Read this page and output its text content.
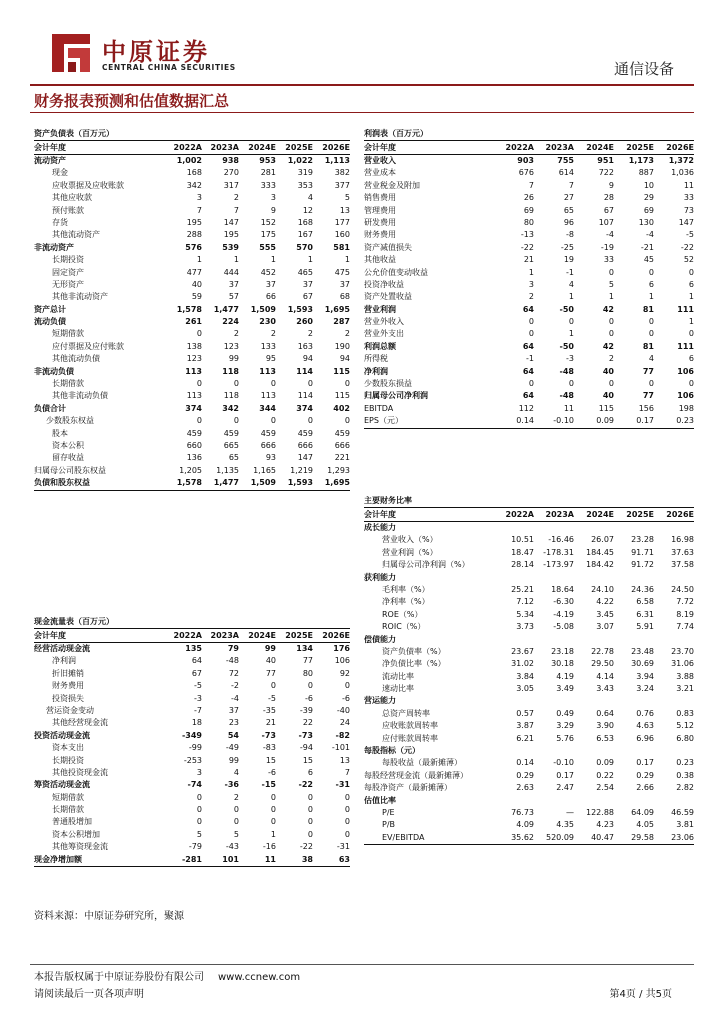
中原证券
CENTRAL CHINA SECURITIES	通信设备
财务报表预测和估值数据汇总
资产负债表（百万元）
会计年度	2022A	2023A	2024E	2025E	2026E
流动资产	1,002	938	953	1,022	1,113
现金	168	270	281	319	382
应收票据及应收账款	342	317	333	353	377
其他应收款	3	2	3	4	5
预付账款	7	7	9	12	13
存货	195	147	152	168	177
其他流动资产	288	195	175	167	160
非流动资产	576	539	555	570	581
长期投资	1	1	1	1	1
固定资产	477	444	452	465	475
无形资产	40	37	37	37	37
其他非流动资产	59	57	66	67	68
资产总计	1,578	1,477	1,509	1,593	1,695
流动负债	261	224	230	260	287
短期借款	0	2	2	2	2
应付票据及应付账款	138	123	133	163	190
其他流动负债	123	99	95	94	94
非流动负债	113	118	113	114	115
长期借款	0	0	0	0	0
其他非流动负债	113	118	113	114	115
负债合计	374	342	344	374	402
少数股东权益	0	0	0	0	0
股本	459	459	459	459	459
资本公积	660	665	666	666	666
留存收益	136	65	93	147	221
归属母公司股东权益	1,205	1,135	1,165	1,219	1,293
负债和股东权益	1,578	1,477	1,509	1,593	1,695
现金流量表（百万元）
会计年度	2022A	2023A	2024E	2025E	2026E
经营活动现金流	135	79	99	134	176
净利润	64	-48	40	77	106
折旧摊销	67	72	77	80	92
财务费用	-5	-2	0	0	0
投资损失	-3	-4	-5	-6	-6
营运资金变动	-7	37	-35	-39	-40
其他经营现金流	18	23	21	22	24
投资活动现金流	-349	54	-73	-73	-82
资本支出	-99	-49	-83	-94	-101
长期投资	-253	99	15	15	13
其他投资现金流	3	4	-6	6	7
筹资活动现金流	-74	-36	-15	-22	-31
短期借款	0	2	0	0	0
长期借款	0	0	0	0	0
普通股增加	0	0	0	0	0
资本公积增加	5	5	1	0	0
其他筹资现金流	-79	-43	-16	-22	-31
现金净增加额	-281	101	11	38	63
利润表（百万元）
会计年度	2022A	2023A	2024E	2025E	2026E
营业收入	903	755	951	1,173	1,372
营业成本	676	614	722	887	1,036
营业税金及附加	7	7	9	10	11
销售费用	26	27	28	29	33
管理费用	69	65	67	69	73
研发费用	80	96	107	130	147
财务费用	-13	-8	-4	-4	-5
资产减值损失	-22	-25	-19	-21	-22
其他收益	21	19	33	45	52
公允价值变动收益	1	-1	0	0	0
投资净收益	3	4	5	6	6
资产处置收益	2	1	1	1	1
营业利润	64	-50	42	81	111
营业外收入	0	0	0	0	1
营业外支出	0	1	0	0	0
利润总额	64	-50	42	81	111
所得税	-1	-3	2	4	6
净利润	64	-48	40	77	106
少数股东损益	0	0	0	0	0
归属母公司净利润	64	-48	40	77	106
EBITDA	112	11	115	156	198
EPS（元）	0.14	-0.10	0.09	0.17	0.23
主要财务比率
会计年度	2022A	2023A	2024E	2025E	2026E
成长能力
营业收入（%）	10.51	-16.46	26.07	23.28	16.98
营业利润（%）	18.47	-178.31	184.45	91.71	37.63
归属母公司净利润（%）	28.14	-173.97	184.42	91.72	37.58
获利能力
毛利率（%）	25.21	18.64	24.10	24.36	24.50
净利率（%）	7.12	-6.30	4.22	6.58	7.72
ROE（%）	5.34	-4.19	3.45	6.31	8.19
ROIC（%）	3.73	-5.08	3.07	5.91	7.74
偿债能力
资产负债率（%）	23.67	23.18	22.78	23.48	23.70
净负债比率（%）	31.02	30.18	29.50	30.69	31.06
流动比率	3.84	4.19	4.14	3.94	3.88
速动比率	3.05	3.49	3.43	3.24	3.21
营运能力
总资产周转率	0.57	0.49	0.64	0.76	0.83
应收账款周转率	3.87	3.29	3.90	4.63	5.12
应付账款周转率	6.21	5.76	6.53	6.96	6.80
每股指标（元）
每股收益（最新摊薄）	0.14	-0.10	0.09	0.17	0.23
每股经营现金流（最新摊薄）	0.29	0.17	0.22	0.29	0.38
每股净资产（最新摊薄）	2.63	2.47	2.54	2.66	2.82
估值比率
P/E	76.73	—	122.88	64.09	46.59
P/B	4.09	4.35	4.23	4.05	3.81
EV/EBITDA	35.62	520.09	40.47	29.58	23.06
资料来源：中原证券研究所，聚源
本报告版权属于中原证券股份有限公司 www.ccnew.com
请阅读最后一页各项声明	第4页 / 共5页
